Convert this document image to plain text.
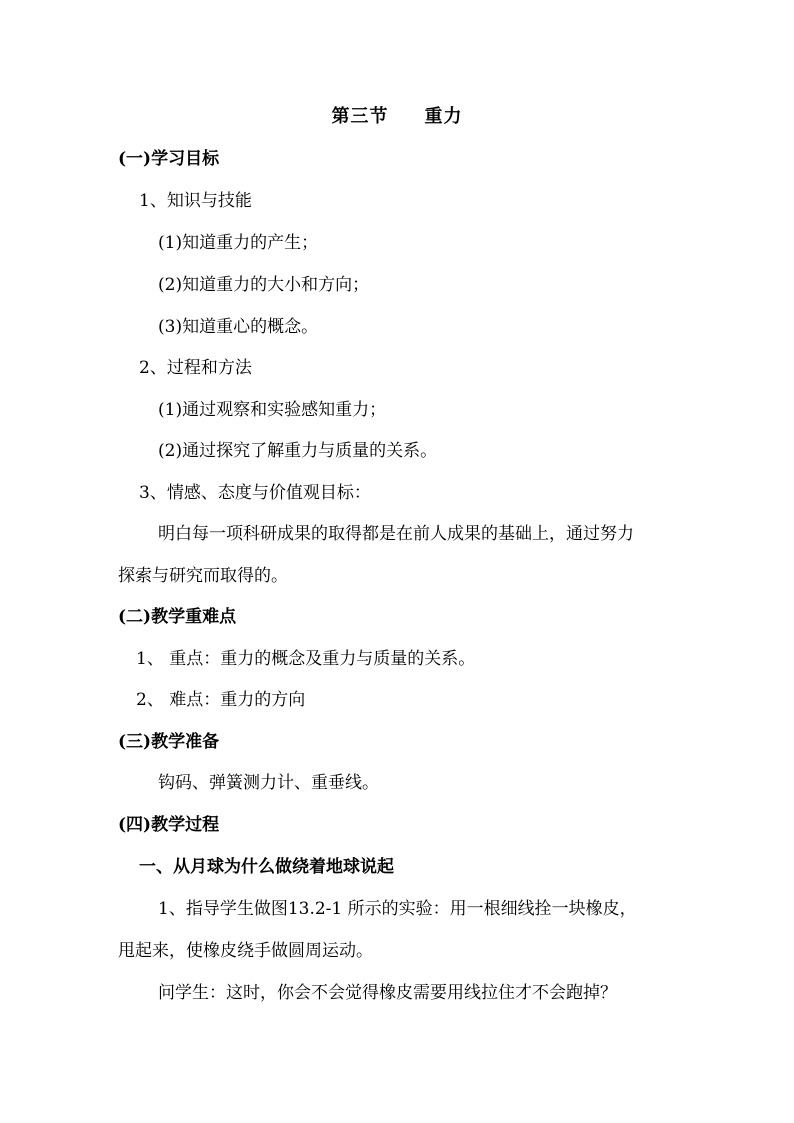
第三节 重力
(一)学习目标
1、知识与技能
(1)知道重力的产生；
(2)知道重力的大小和方向；
(3)知道重心的概念。
2、过程和方法
(1)通过观察和实验感知重力；
(2)通过探究了解重力与质量的关系。
3、情感、态度与价值观目标：
明白每一项科研成果的取得都是在前人成果的基础上，通过努力
探索与研究而取得的。
(二)教学重难点
1、 重点：重力的概念及重力与质量的关系。
2、 难点：重力的方向
(三)教学准备
钩码、弹簧测力计、重垂线。
(四)教学过程
一、从月球为什么做绕着地球说起
1、指导学生做图13.2-1 所示的实验：用一根细线拴一块橡皮，
甩起来，使橡皮绕手做圆周运动。
问学生：这时，你会不会觉得橡皮需要用线拉住才不会跑掉？
